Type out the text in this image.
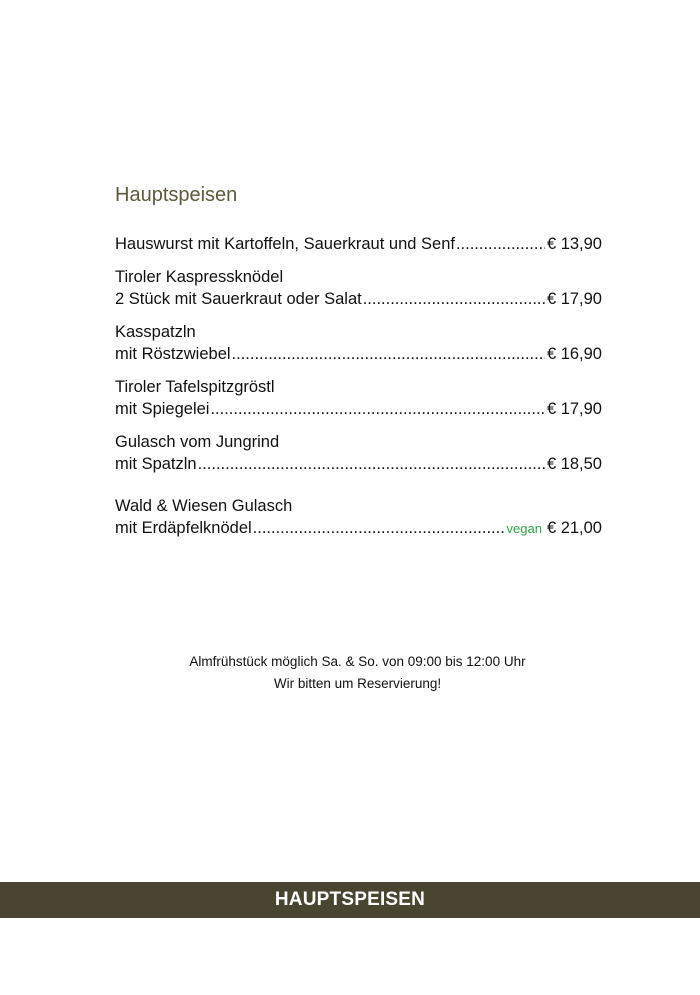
Hauptspeisen
Hauswurst mit Kartoffeln, Sauerkraut und Senf .....	€ 13,90
Tiroler Kaspressknödel
2 Stück mit Sauerkraut oder Salat .....	€ 17,90
Kasspatzln
mit Röstzwiebel .....	€ 16,90
Tiroler Tafelspitzgröstl
mit Spiegelei .....	€ 17,90
Gulasch vom Jungrind
mit Spatzln .....	€ 18,50
Wald & Wiesen Gulasch
mit Erdäpfelknödel .....	vegan € 21,00
Almfrühstück möglich Sa. & So. von 09:00 bis 12:00 Uhr
Wir bitten um Reservierung!
HAUPTSPEISEN
